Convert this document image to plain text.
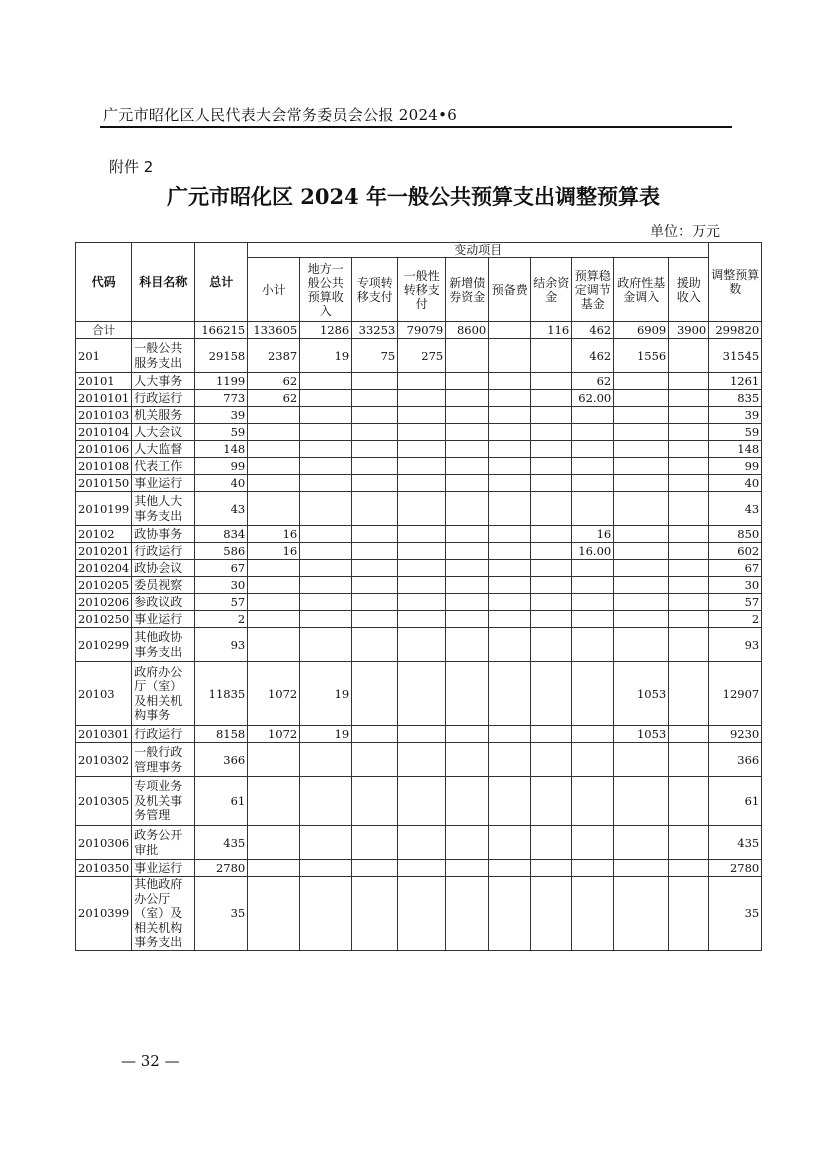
广元市昭化区人民代表大会常务委员会公报 2024•6
附件 2
广元市昭化区 2024 年一般公共预算支出调整预算表
单位：万元
代码	科目名称	总计	变动项目										调整预算数
			小计	地方一般公共预算收入	专项转移支付	一般性转移支付	新增债券资金	预备费	结余资金	预算稳定调节基金	政府性基金调入	援助收入	
合计		166215	133605	1286	33253	79079	8600		116	462	6909	3900	299820
201	一般公共服务支出	29158	2387	19	75	275				462	1556		31545
20101	人大事务	1199	62							62			1261
2010101	行政运行	773	62							62.00			835
2010103	机关服务	39											39
2010104	人大会议	59											59
2010106	人大监督	148											148
2010108	代表工作	99											99
2010150	事业运行	40											40
2010199	其他人大事务支出	43											43
20102	政协事务	834	16							16			850
2010201	行政运行	586	16							16.00			602
2010204	政协会议	67											67
2010205	委员视察	30											30
2010206	参政议政	57											57
2010250	事业运行	2											2
2010299	其他政协事务支出	93											93
20103	政府办公厅（室）及相关机构事务	11835	1072	19							1053		12907
2010301	行政运行	8158	1072	19							1053		9230
2010302	一般行政管理事务	366											366
2010305	专项业务及机关事务管理	61											61
2010306	政务公开审批	435											435
2010350	事业运行	2780											2780
2010399	其他政府办公厅（室）及相关机构事务支出	35											35
— 32 —
